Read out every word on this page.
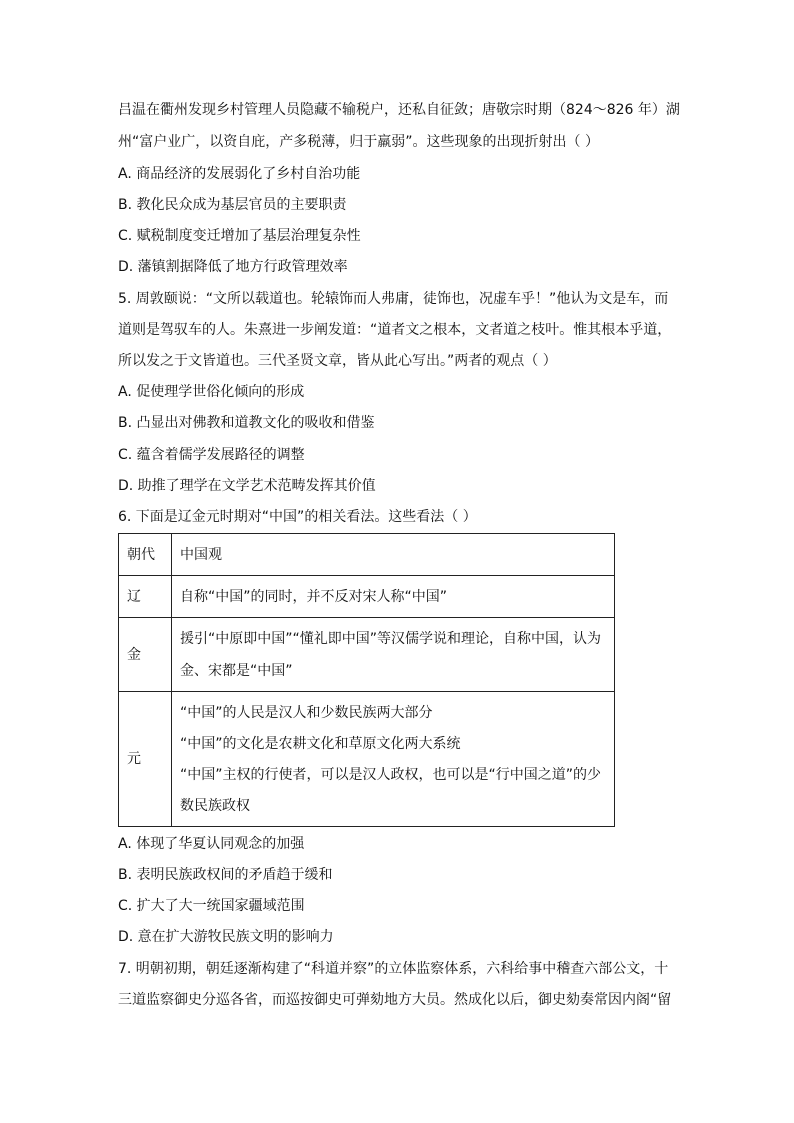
吕温在衢州发现乡村管理人员隐藏不输税户，还私自征敛；唐敬宗时期（824～826 年）湖
州“富户业广，以资自庇，产多税薄，归于羸弱”。这些现象的出现折射出（ ）
A. 商品经济的发展弱化了乡村自治功能
B. 教化民众成为基层官员的主要职责
C. 赋税制度变迁增加了基层治理复杂性
D. 藩镇割据降低了地方行政管理效率
5. 周敦颐说：“文所以载道也。轮辕饰而人弗庸，徒饰也，况虚车乎！”他认为文是车，而
道则是驾驭车的人。朱熹进一步阐发道：“道者文之根本，文者道之枝叶。惟其根本乎道，
所以发之于文皆道也。三代圣贤文章，皆从此心写出。”两者的观点（ ）
A. 促使理学世俗化倾向的形成
B. 凸显出对佛教和道教文化的吸收和借鉴
C. 蕴含着儒学发展路径的调整
D. 助推了理学在文学艺术范畴发挥其价值
6. 下面是辽金元时期对“中国”的相关看法。这些看法（ ）
朝代	中国观
辽	自称“中国”的同时，并不反对宋人称“中国”

金	援引“中原即中国”“懂礼即中国”等汉儒学说和理论，自称中国，认为
金、宋都是“中国”

元	“中国”的人民是汉人和少数民族两大部分
“中国”的文化是农耕文化和草原文化两大系统
“中国”主权的行使者，可以是汉人政权，也可以是“行中国之道”的少
数民族政权
A. 体现了华夏认同观念的加强
B. 表明民族政权间的矛盾趋于缓和
C. 扩大了大一统国家疆域范围
D. 意在扩大游牧民族文明的影响力
7. 明朝初期，朝廷逐渐构建了“科道并察”的立体监察体系，六科给事中稽查六部公文，十
三道监察御史分巡各省，而巡按御史可弹劾地方大员。然成化以后，御史劾奏常因内阁“留
